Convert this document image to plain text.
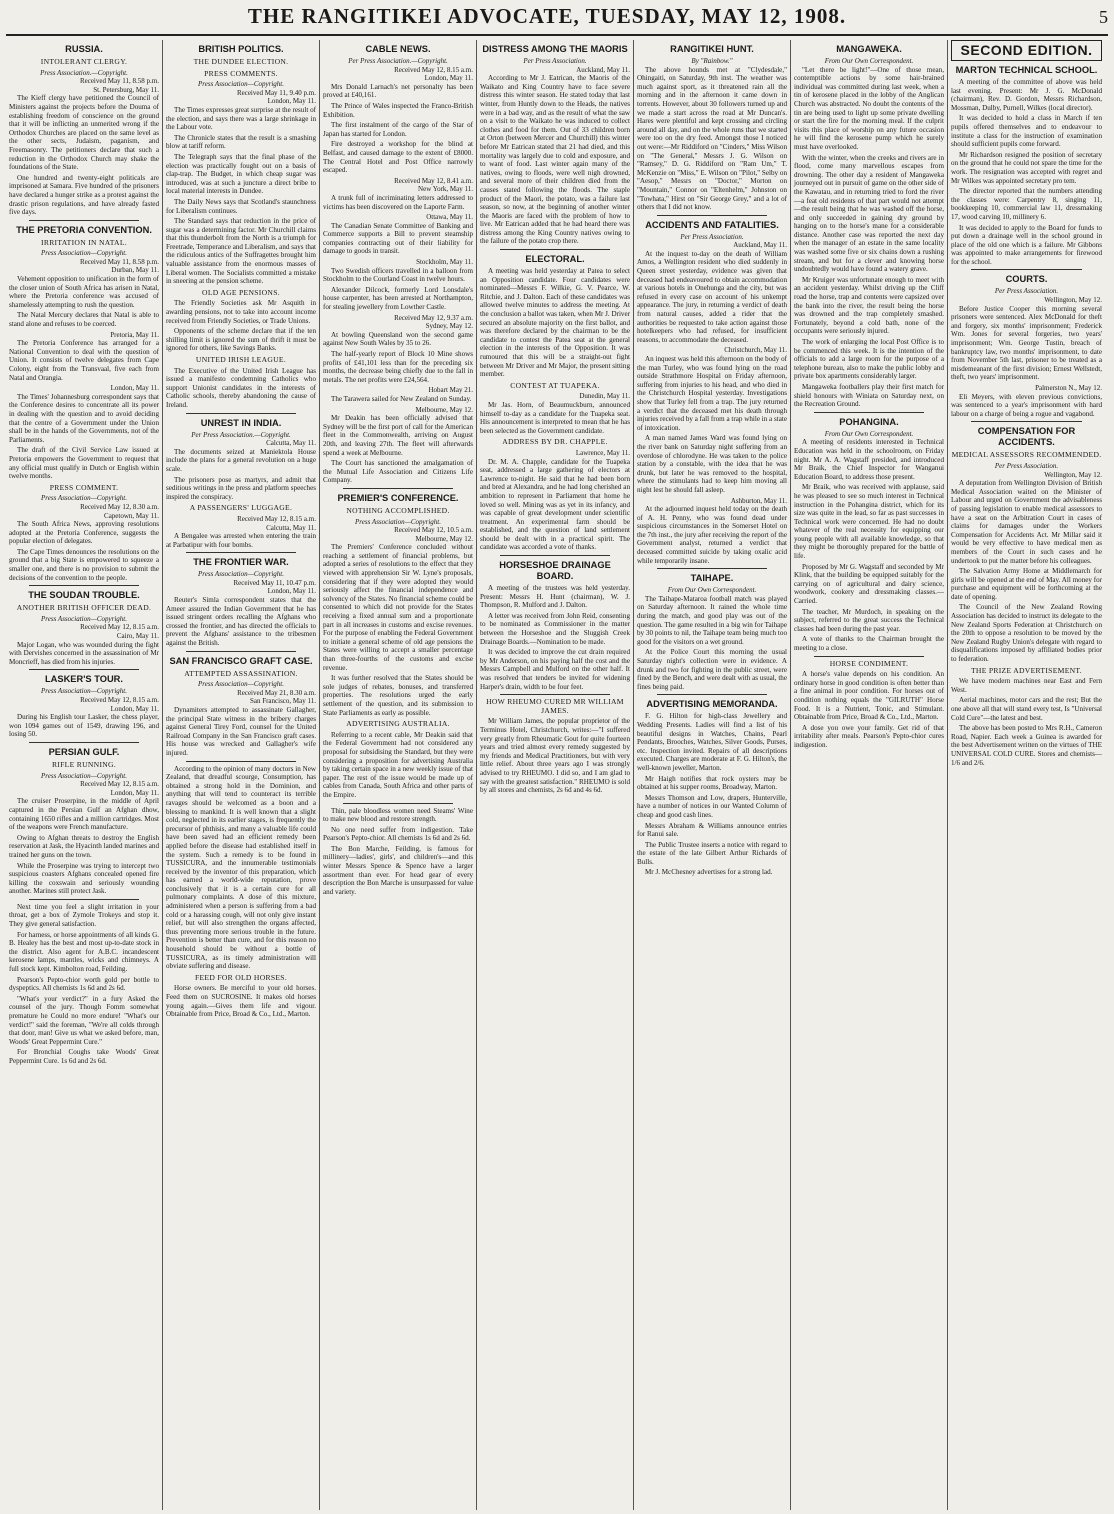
THE RANGITIKEI ADVOCATE, TUESDAY, MAY 12, 1908.	5
RUSSIA.
INTOLERANT CLERGY.
Press Association.—Copyright.
Received May 11, 8.58 p.m.
St. Petersburg, May 11.

The Kieff clergy have petitioned the Council of Ministers against the projects before the Douma of establishing freedom of conscience on the ground that it will be inflicting an unmerited wrong if the Orthodox Churches are placed on the same level as the other sects, Judaism, paganism, and Freemasonry. The petitioners declare that such a reduction in the Orthodox Church may shake the foundations of the State.

One hundred and twenty-eight politicals are imprisoned at Samara. Five hundred of the prisoners have declared a hunger strike as a protest against the drastic prison regulations, and have already fasted five days.

THE PRETORIA CONVENTION.
IRRITATION IN NATAL.
Press Association—Copyright.
Received May 11, 8.58 p.m.
Durban, May 11.

Vehement opposition to unification in the form of the closer union of South Africa has arisen in Natal, where the Pretoria conference was accused of shamelessly attempting to rush the question.

The Natal Mercury declares that Natal is able to stand alone and refuses to be coerced.

Pretoria, May 11.

The Pretoria Conference has arranged for a National Convention to deal with the question of Union. It consists of twelve delegates from Cape Colony, eight from the Transvaal, five each from Natal and Orangia.

London, May 11.

The Times' Johannesburg correspondent says that the Conference desires to concentrate all its power in dealing with the question and to avoid deciding that the centre of a Government under the Union shall be in the hands of the Governments, not of the Parliaments.

The draft of the Civil Service Law issued at Pretoria empowers the Government to request that any official must qualify in Dutch or English within twelve months.

PRESS COMMENT.
Press Association—Copyright.
Received May 12, 8.30 a.m.
Capetown, May 11.

The South Africa News, approving resolutions adopted at the Pretoria Conference, suggests the popular election of delegates.

The Cape Times denounces the resolutions on the ground that a big State is empowered to squeeze a smaller one, and there is no provision to submit the decisions of the convention to the people.

THE SOUDAN TROUBLE.
ANOTHER BRITISH OFFICER DEAD.
Press Association—Copyright.
Received May 12, 8.15 a.m.
Cairo, May 11.

Major Logan, who was wounded during the fight with Dervishes concerned in the assassination of Mr Moncrieff, has died from his injuries.

LASKER'S TOUR.
Press Association—Copyright.
Received May 12, 8.15 a.m.
London, May 11.

During his English tour Lasker, the chess player, won 1094 games out of 1549, drawing 196, and losing 50.

PERSIAN GULF.
RIFLE RUNNING.
Press Association—Copyright.
Received May 12, 8.15 a.m.
London, May 11.

The cruiser Proserpine, in the middle of April captured in the Persian Gulf an Afghan dhow, containing 1650 rifles and a million cartridges. Most of the weapons were French manufacture.

Owing to Afghan threats to destroy the English reservation at Jask, the Hyacinth landed marines and trained her guns on the town.

While the Proserpine was trying to intercept two suspicious coasters Afghans concealed opened fire killing the coxswain and seriously wounding another. Marines still protect Jask.

Next time you feel a slight irritation in your throat, get a box of Zymole Trokeys and stop it. They give general satisfaction.

For harness, or horse appointments of all kinds G. B. Healey has the best and most up-to-date stock in the district. Also agent for A.B.C. incandescent kerosene lamps, mantles, wicks and chimneys. A full stock kept. Kimbolton road, Feilding.

Pearson's Pepto-chior worth gold per bottle to dyspeptics. All chemists 1s 6d and 2s 6d.

"What's your verdict?" in a fury Asked the counsel of the jury. Though Fomm somewhat premature he Could no more endure! "What's our verdict!" said the foreman, "We're all colds through that door, man! Give us what we asked before, man, Woods' Great Peppermint Cure."

For Bronchial Coughs take Woods' Great Peppermint Cure. 1s 6d and 2s 6d.

BRITISH POLITICS.
THE DUNDEE ELECTION.
PRESS COMMENTS.
Press Association—Copyright.
Received May 11, 9.40 p.m.
London, May 11.

The Times expresses great surprise at the result of the election, and says there was a large shrinkage in the Labour vote.

The Chronicle states that the result is a smashing blow at tariff reform.

The Telegraph says that the final phase of the election was practically fought out on a basis of clap-trap. The Budget, in which cheap sugar was introduced, was at such a juncture a direct bribe to local material interests in Dundee.

The Daily News says that Scotland's staunchness for Liberalism continues.

The Standard says that reduction in the price of sugar was a determining factor. Mr Churchill claims that this thunderbolt from the North is a triumph for Freetrade, Temperance and Liberalism, and says that the ridiculous antics of the Suffragettes brought him valuable assistance from the enormous masses of Liberal women. The Socialists committed a mistake in sneering at the pension scheme.

OLD AGE PENSIONS.

The Friendly Societies ask Mr Asquith in awarding pensions, not to take into account income received from Friendly Societies, or Trade Unions.

Opponents of the scheme declare that if the ten shilling limit is ignored the sum of thrift it must be ignored for others, like Savings Banks.

UNITED IRISH LEAGUE.

The Executive of the United Irish League has issued a manifesto condemning Catholics who support Unionist candidates in the interests of Catholic schools, thereby abandoning the cause of Ireland.

UNREST IN INDIA.
Per Press Association.—Copyright.
Calcutta, May 11.

The documents seized at Maniektola House include the plans for a general revolution on a huge scale.

The prisoners pose as martyrs, and admit that seditious writings in the press and platform speeches inspired the conspiracy.

A PASSENGERS' LUGGAGE.
Received May 12, 8.15 a.m.
Calcutta, May 11.

A Bengalee was arrested when entering the train at Parbatipur with four bombs.

THE FRONTIER WAR.
Press Association—Copyright.
Received May 11, 10.47 p.m.
London, May 11.

Reuter's Simla correspondent states that the Ameer assured the Indian Government that he has issued stringent orders recalling the Afghans who crossed the frontier, and has directed the officials to prevent the Afghans' assistance to the tribesmen against the British.

SAN FRANCISCO GRAFT CASE.
ATTEMPTED ASSASSINATION.
Press Association—Copyright.
Received May 21, 8.30 a.m.
San Francisco, May 11.

Dynamiters attempted to assassinate Gallagher, the principal State witness in the bribery charges against General Tirey Ford, counsel for the United Railroad Company in the San Francisco graft cases. His house was wrecked and Gallagher's wife injured.

According to the opinion of many doctors in New Zealand, that dreadful scourge, Consumption, has obtained a strong hold in the Dominion, and anything that will tend to counteract its terrible ravages should be welcomed as a boon and a blessing to mankind. It is well known that a slight cold, neglected in its earlier stages, is frequently the precursor of phthisis, and many a valuable life could have been saved had an efficient remedy been applied before the disease had established itself in the system. Such a remedy is to be found in TUSSICURA, and the innumerable testimonials received by the inventor of this preparation, which has earned a world-wide reputation, prove conclusively that it is a certain cure for all pulmonary complaints. A dose of this mixture, administered when a person is suffering from a bad cold or a harassing cough, will not only give instant relief, but will also strengthen the organs affected, thus preventing more serious trouble in the future. Prevention is better than cure, and for this reason no household should be without a bottle of TUSSICURA, as its timely administration will obviate suffering and disease.

FEED FOR OLD HORSES.

Horse owners. Be merciful to your old horses. Feed them on SUCROSINE. It makes old horses young again.—Gives them life and vigour. Obtainable from Price, Broad & Co., Ltd., Marton.

CABLE NEWS.
Per Press Association.—Copyright.
Received May 12, 8.15 a.m.
London, May 11.

Mrs Donald Larnach's net personalty has been proved at £40,161.

The Prince of Wales inspected the Franco-British Exhibition.

The first instalment of the cargo of the Star of Japan has started for London.

Fire destroyed a workshop for the blind at Belfast, and caused damage to the extent of £8000. The Central Hotel and Post Office narrowly escaped.

Received May 12, 8.41 a.m.
New York, May 11.

A trunk full of incriminating letters addressed to victims has been discovered on the Laporte Farm.

Ottawa, May 11.

The Canadian Senate Committee of Banking and Commerce supports a Bill to prevent steamship companies contracting out of their liability for damage to goods in transit.

Stockholm, May 11.

Two Swedish officers travelled in a balloon from Stockholm to the Courland Coast in twelve hours.

Alexander Dilcock, formerly Lord Lonsdale's house carpenter, has been arrested at Northampton, for stealing jewellery from Lowther Castle.

Received May 12, 9.37 a.m.
Sydney, May 12.

At bowling Queensland won the second game against New South Wales by 35 to 26.

The half-yearly report of Block 10 Mine shows profits of £41,101 less than for the preceding six months, the decrease being chiefly due to the fall in metals. The net profits were £24,564.

Hobart May 21.

The Tarawera sailed for New Zealand on Sunday.

Melbourne, May 12.

Mr Deakin has been officially advised that Sydney will be the first port of call for the American fleet in the Commonwealth, arriving on August 20th, and leaving 27th. The fleet will afterwards spend a week at Melbourne.

The Court has sanctioned the amalgamation of the Mutual Life Association and Citizens Life Company.

PREMIER'S CONFERENCE.
NOTHING ACCOMPLISHED.
Press Association—Copyright.
Received May 12, 10.5 a.m.
Melbourne, May 12.

The Premiers' Conference concluded without reaching a settlement of financial problems, but adopted a series of resolutions to the effect that they viewed with apprehension Sir W. Lyne's proposals, considering that if they were adopted they would seriously affect the financial independence and solvency of the States. No financial scheme could be consented to which did not provide for the States receiving a fixed annual sum and a proportionate part in all increases in customs and excise revenues. For the purpose of enabling the Federal Government to initiate a general scheme of old age pensions the States were willing to accept a smaller percentage than three-fourths of the customs and excise revenue.

It was further resolved that the States should be sole judges of rebates, bonuses, and transferred properties. The resolutions urged the early settlement of the question, and its submission to State Parliaments as early as possible.

ADVERTISING AUSTRALIA.

Referring to a recent cable, Mr Deakin said that the Federal Government had not considered any proposal for subsidising the Standard, but they were considering a proposition for advertising Australia by taking certain space in a new weekly issue of that paper. The rest of the issue would be made up of cables from Canada, South Africa and other parts of the Empire.

Thin, pale bloodless women need Steams' Wine to make new blood and restore strength.

No one need suffer from indigestion. Take Pearson's Pepto-chior. All chemists 1s 6d and 2s 6d.

The Bon Marche, Feilding, is famous for millinery—ladies', girls', and children's—and this winter Messrs Spence & Spence have a larger assortment than ever. For head gear of every description the Bon Marche is unsurpassed for value and variety.

DISTRESS AMONG THE MAORIS
Per Press Association.
Auckland, May 11.

According to Mr J. Eatrican, the Maoris of the Waikato and King Country have to face severe distress this winter season. He stated today that last winter, from Huntly down to the Heads, the natives were in a bad way, and as the result of what the saw on a visit to the Waikato he was induced to collect clothes and food for them. Out of 33 children born at Orton (between Mercer and Churchill) this winter before Mr Eatrican stated that 21 had died, and this mortality was largely due to cold and exposure, and to want of food. Last winter again many of the natives, owing to floods, were well nigh drowned, and several more of their children died from the causes stated following the floods. The staple product of the Maori, the potato, was a failure last season, so now, at the beginning of another winter the Maoris are faced with the problem of how to live. Mr Eatrican added that he had heard there was distress among the King Country natives owing to the failure of the potato crop there.

ELECTORAL.

A meeting was held yesterday at Patea to select an Opposition candidate. Four candidates were nominated—Messrs F. Wilkie, G. V. Pearce, W. Ritchie, and J. Dalton. Each of these candidates was allowed twelve minutes to address the meeting. At the conclusion a ballot was taken, when Mr J. Driver secured an absolute majority on the first ballot, and was therefore declared by the chairman to be the candidate to contest the Patea seat at the general election in the interests of the Opposition. It was rumoured that this will be a straight-out fight between Mr Driver and Mr Major, the present sitting member.

CONTEST AT TUAPEKA.
Dunedin, May 11.

Mr Jas. Horn, of Beaumuckburn, announced himself to-day as a candidate for the Tuapeka seat. His announcement is interpreted to mean that he has been selected as the Government candidate.

ADDRESS BY DR. CHAPPLE.
Lawrence, May 11.

Dr. M. A. Chapple, candidate for the Tuapeka seat, addressed a large gathering of electors at Lawrence to-night. He said that he had been born and bred at Alexandra, and he had long cherished an ambition to represent in Parliament that home he loved so well. Mining was as yet in its infancy, and was capable of great development under scientific treatment. An experimental farm should be established, and the question of land settlement should be dealt with in a practical spirit. The candidate was accorded a vote of thanks.

HORSESHOE DRAINAGE BOARD.

A meeting of the trustees was held yesterday. Present: Messrs H. Hunt (chairman), W. J. Thompson, R. Mulford and J. Dalton.

A letter was received from John Reid, consenting to be nominated as Commissioner in the matter between the Horseshoe and the Sluggish Creek Drainage Boards.—Nomination to be made.

It was decided to improve the cut drain required by Mr Anderson, on his paying half the cost and the Messrs Campbell and Mulford on the other half. It was resolved that tenders be invited for widening Harper's drain, width to be four feet.

HOW RHEUMO CURED MR WILLIAM JAMES.

Mr William James, the popular proprietor of the Terminus Hotel, Christchurch, writes:—"I suffered very greatly from Rheumatic Gout for quite fourteen years and tried almost every remedy suggested by my friends and Medical Practitioners, but with very little relief. About three years ago I was strongly advised to try RHEUMO. I did so, and I am glad to say with the greatest satisfaction." RHEUMO is sold by all stores and chemists, 2s 6d and 4s 6d.

RANGITIKEI HUNT.
By "Rainbow."

The above hounds met at "Clydesdale," Ohingaiti, on Saturday, 9th inst. The weather was much against sport, as it threatened rain all the morning and in the afternoon it came down in torrents. However, about 30 followers turned up and we made a start across the road at Mr Duncan's. Hares were plentiful and kept crossing and circling around all day, and on the whole runs that we started were too on the dry feed. Amongst those I noticed out were:—Mr Riddiford on "Cinders," Miss Wilson on "The General," Messrs J. G. Wilson on "Ramsey," D. G. Riddiford on "Ram Um," T. McKenzie on "Miss," E. Wilson on "Pilot," Selby on "Aesop," Messrs on "Doctor," Morton on "Mountain," Connor on "Eltenhelm," Johnston on "Towhata," Hirst on "Sir George Grey," and a lot of others that I did not know.

ACCIDENTS AND FATALITIES.
Per Press Association.
Auckland, May 11.

At the inquest to-day on the death of William Amos, a Wellington resident who died suddenly in Queen street yesterday, evidence was given that deceased had endeavoured to obtain accommodation at various hotels in Onehunga and the city, but was refused in every case on account of his unkempt appearance. The jury, in returning a verdict of death from natural causes, added a rider that the authorities be requested to take action against those hotelkeepers who had refused, for insufficient reasons, to accommodate the deceased.

Christchurch, May 11.

An inquest was held this afternoon on the body of the man Turley, who was found lying on the road outside Strathmore Hospital on Friday afternoon, suffering from injuries to his head, and who died in the Christchurch Hospital yesterday. Investigations show that Turley fell from a trap. The jury returned a verdict that the deceased met his death through injuries received by a fall from a trap while in a state of intoxication.

A man named James Ward was found lying on the river bank on Saturday night suffering from an overdose of chlorodyne. He was taken to the police station by a constable, with the idea that he was drunk, but later he was removed to the hospital, where the stimulants had to keep him moving all night lest he should fall asleep.

Ashburton, May 11.

At the adjourned inquest held today on the death of A. H. Penny, who was found dead under suspicious circumstances in the Somerset Hotel on the 7th inst., the jury after receiving the report of the Government analyst, returned a verdict that deceased committed suicide by taking oxalic acid while temporarily insane.

TAIHAPE.
From Our Own Correspondent.

The Taihape-Mataroa football match was played on Saturday afternoon. It rained the whole time during the match, and good play was out of the question. The game resulted in a big win for Taihape by 30 points to nil, the Taihape team being much too good for the visitors on a wet ground.

At the Police Court this morning the usual Saturday night's collection were in evidence. A drunk and two for fighting in the public street, were fined by the Bench, and were dealt with as usual, the fines being paid.

ADVERTISING MEMORANDA.

F. G. Hilton for high-class Jewellery and Wedding Presents. Ladies will find a list of his beautiful designs in Watches, Chains, Pearl Pendants, Brooches, Watches, Silver Goods, Purses, etc. Inspection invited. Repairs of all descriptions executed. Charges are moderate at F. G. Hilton's, the well-known jeweller, Marton.

Mr Haigh notifies that rock oysters may be obtained at his supper rooms, Broadway, Marton.

Messrs Thomson and Low, drapers, Hunterville, have a number of notices in our Wanted Column of cheap and good cash lines.

Messrs Abraham & Williams announce entries for Ranui sale.

The Public Trustee inserts a notice with regard to the estate of the late Gilbert Arthur Richards of Bulls.

Mr J. McChesney advertises for a strong lad.

MANGAWEKA.
From Our Own Correspondent.

"Let there be light!"—One of those mean, contemptible actions by some hair-brained individual was committed during last week, when a tin of kerosene placed in the lobby of the Anglican Church was abstracted. No doubt the contents of the tin are being used to light up some private dwelling or start the fire for the morning meal. If the culprit visits this place of worship on any future occasion he will find the kerosene pump which he surely must have overlooked.

With the winter, when the creeks and rivers are in flood, come many marvellous escapes from drowning. The other day a resident of Mangaweka journeyed out in pursuit of game on the other side of the Kawatau, and in returning tried to ford the river—a feat old residents of that part would not attempt—the result being that he was washed off the horse, and only succeeded in gaining dry ground by hanging on to the horse's mane for a considerable distance. Another case was reported the next day when the manager of an estate in the same locality was washed some five or six chains down a rushing stream, and but for a clever and knowing horse undoubtedly would have found a watery grave.

Mr Kruiger was unfortunate enough to meet with an accident yesterday. Whilst driving up the Cliff road the horse, trap and contents were capsized over the bank into the river, the result being the horse was drowned and the trap completely smashed. Fortunately, beyond a cold bath, none of the occupants were seriously injured.

The work of enlarging the local Post Office is to be commenced this week. It is the intention of the officials to add a large room for the purpose of a telephone bureau, also to make the public lobby and private box apartments considerably larger.

Mangaweka footballers play their first match for shield honours with Winiata on Saturday next, on the Recreation Ground.

POHANGINA.
From Our Own Correspondent.

A meeting of residents interested in Technical Education was held in the schoolroom, on Friday night. Mr A. A. Wagstaff presided, and introduced Mr Braik, the Chief Inspector for Wanganui Education Board, to address those present.

Mr Braik, who was received with applause, said he was pleased to see so much interest in Technical instruction in the Pohangina district, which for its size was quite in the lead, so far as past successes in Technical work were concerned. He had no doubt whatever of the real necessity for equipping our young people with all available knowledge, so that they might be thoroughly prepared for the battle of life.

Proposed by Mr G. Wagstaff and seconded by Mr Klink, that the building be equipped suitably for the carrying on of agricultural and dairy science, woodwork, cookery and dressmaking classes.—Carried.

The teacher, Mr Murdoch, in speaking on the subject, referred to the great success the Technical classes had been during the past year.

A vote of thanks to the Chairman brought the meeting to a close.

HORSE CONDIMENT.

A horse's value depends on his condition. An ordinary horse in good condition is often better than a fine animal in poor condition. For horses out of condition nothing equals the "GILRUTH" Horse Food. It is a Nutrient, Tonic, and Stimulant. Obtainable from Price, Broad & Co., Ltd., Marton.

A dose you owe your family. Get rid of that irritability after meals. Pearson's Pepto-chior cures indigestion.

SECOND EDITION.
MARTON TECHNICAL SCHOOL.

A meeting of the committee of above was held last evening. Present: Mr J. G. McDonald (chairman), Rev. D. Gordon, Messrs Richardson, Mossman, Dulby, Purnell, Wilkes (local director).

It was decided to hold a class in March if ten pupils offered themselves and to endeavour to institute a class for the instruction of examination should sufficient pupils come forward.

Mr Richardson resigned the position of secretary on the ground that he could not spare the time for the work. The resignation was accepted with regret and Mr Wilkes was appointed secretary pro tem.

The director reported that the numbers attending the classes were: Carpentry 8, singing 11, bookkeeping 10, commercial law 11, dressmaking 17, wood carving 10, millinery 6.

It was decided to apply to the Board for funds to put down a drainage well in the school ground in place of the old one which is a failure. Mr Gibbons was appointed to make arrangements for firewood for the school.

COURTS.
Per Press Association.
Wellington, May 12.

Before Justice Cooper this morning several prisoners were sentenced. Alex McDonald for theft and forgery, six months' imprisonment; Frederick Wm. Jones for several forgeries, two years' imprisonment; Wm. George Tustin, breach of bankruptcy law, two months' imprisonment, to date from November 5th last, prisoner to be treated as a misdemeanant of the first division; Ernest Wellstedt, theft, two years' imprisonment.

Palmerston N., May 12.

Eli Meyers, with eleven previous convictions, was sentenced to a year's imprisonment with hard labour on a charge of being a rogue and vagabond.

COMPENSATION FOR ACCIDENTS.
MEDICAL ASSESSORS RECOMMENDED.
Per Press Association.
Wellington, May 12.

A deputation from Wellington Division of British Medical Association waited on the Minister of Labour and urged on Government the advisableness of passing legislation to enable medical assessors to have a seat on the Arbitration Court in cases of claims for damages under the Workers Compensation for Accidents Act. Mr Millar said it would be very effective to have medical men as members of the Court in such cases and he undertook to put the matter before his colleagues.

The Salvation Army Home at Middlemarch for girls will be opened at the end of May. All money for purchase and equipment will be forthcoming at the date of opening.

The Council of the New Zealand Rowing Association has decided to instruct its delegate to the New Zealand Sports Federation at Christchurch on the 20th to oppose a resolution to be moved by the New Zealand Rugby Union's delegate with regard to disqualifications imposed by affiliated bodies prior to federation.

THE PRIZE ADVERTISEMENT.

We have modern machines near East and Fern West.

Aerial machines, motor cars and the rest; But the one above all that will stand every test, Is "Universal Cold Cure"—the latest and best.

The above has been posted to Mrs R.H., Cameron Road, Napier. Each week a Guinea is awarded for the best Advertisement written on the virtues of THE UNIVERSAL COLD CURE. Stores and chemists—1/6 and 2/6.
